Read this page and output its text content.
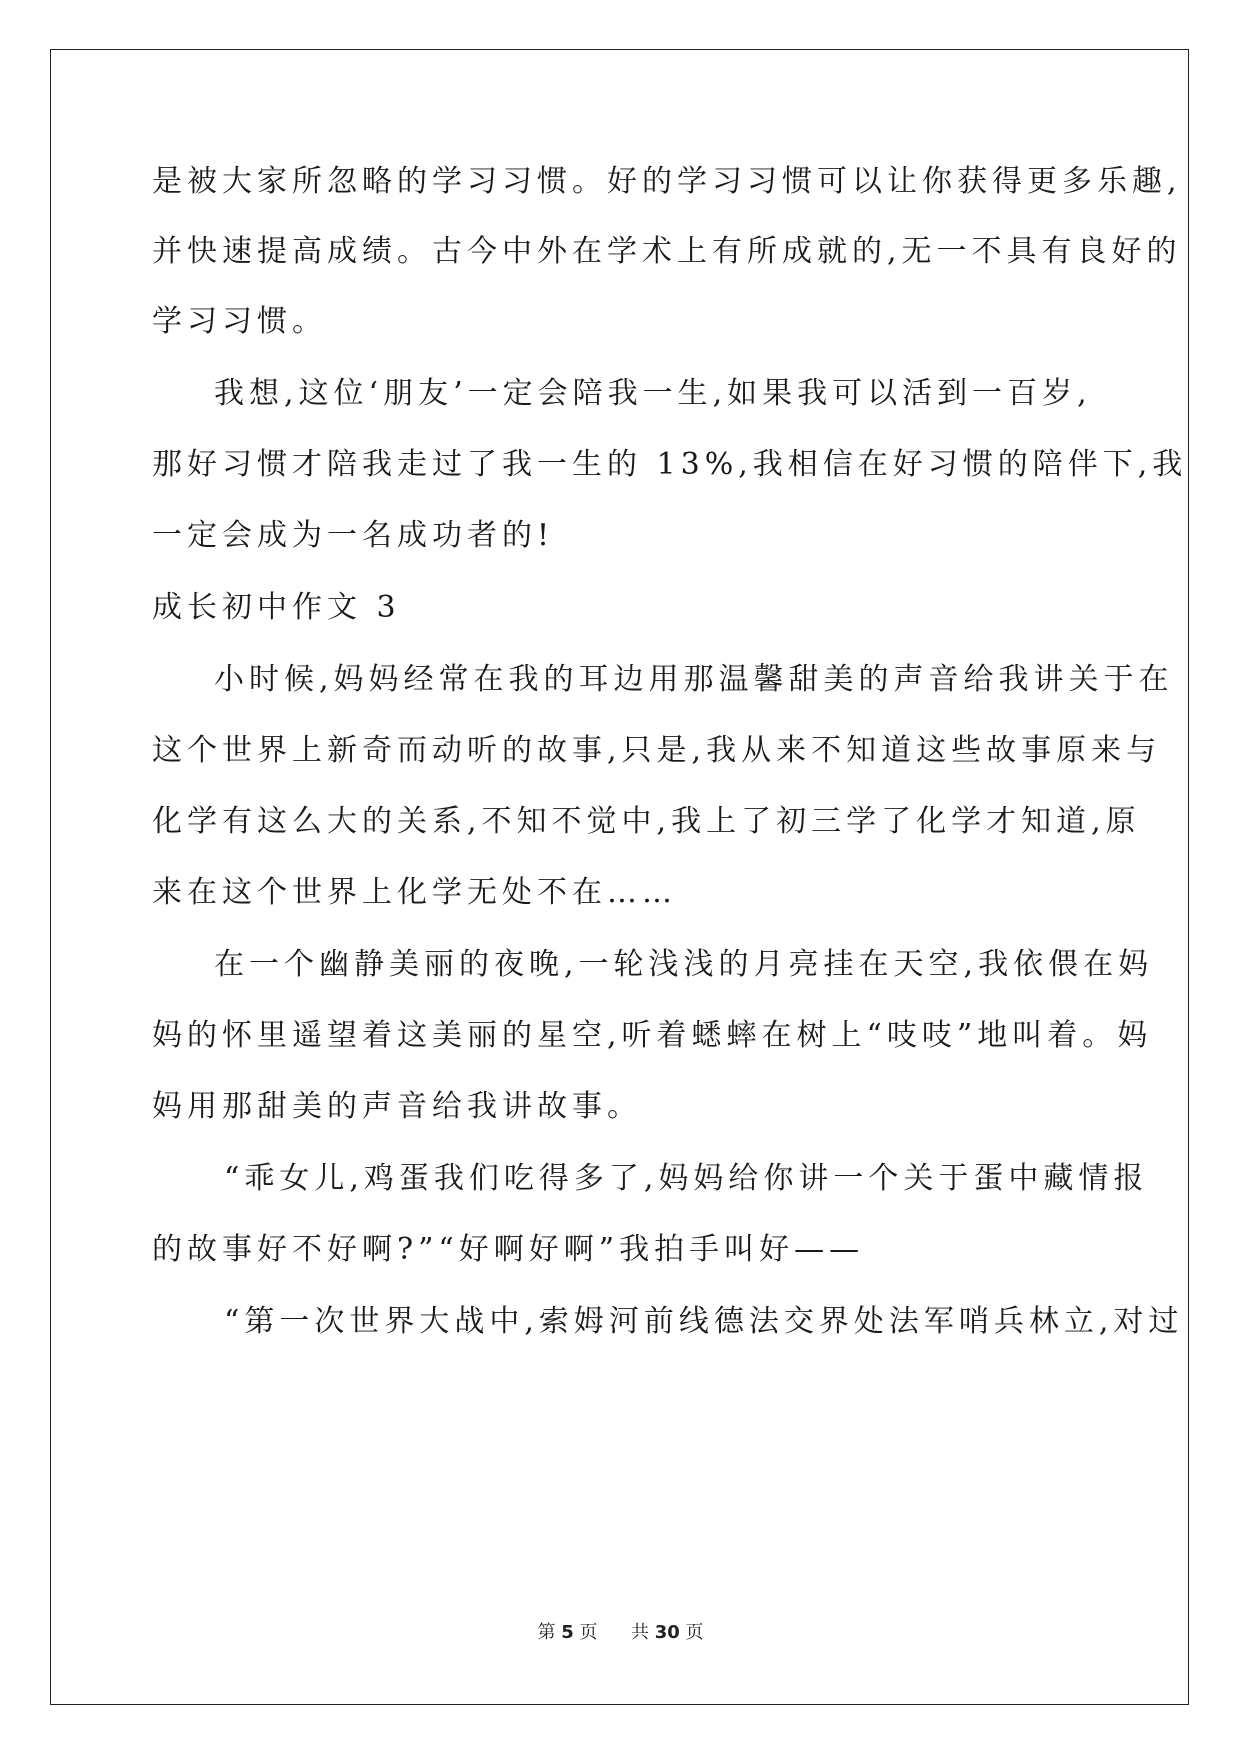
是被大家所忽略的学习习惯。好的学习习惯可以让你获得更多乐趣,
并快速提高成绩。古今中外在学术上有所成就的,无一不具有良好的
学习习惯。
我想,这位‘朋友’一定会陪我一生,如果我可以活到一百岁,
那好习惯才陪我走过了我一生的 13%,我相信在好习惯的陪伴下,我
一定会成为一名成功者的!
成长初中作文 3
小时候,妈妈经常在我的耳边用那温馨甜美的声音给我讲关于在
这个世界上新奇而动听的故事,只是,我从来不知道这些故事原来与
化学有这么大的关系,不知不觉中,我上了初三学了化学才知道,原
来在这个世界上化学无处不在……
在一个幽静美丽的夜晚,一轮浅浅的月亮挂在天空,我依偎在妈
妈的怀里遥望着这美丽的星空,听着蟋蟀在树上“吱吱”地叫着。妈
妈用那甜美的声音给我讲故事。
“乖女儿,鸡蛋我们吃得多了,妈妈给你讲一个关于蛋中藏情报
的故事好不好啊?”“好啊好啊”我拍手叫好——
“第一次世界大战中,索姆河前线德法交界处法军哨兵林立,对过
第 5 页 共 30 页
